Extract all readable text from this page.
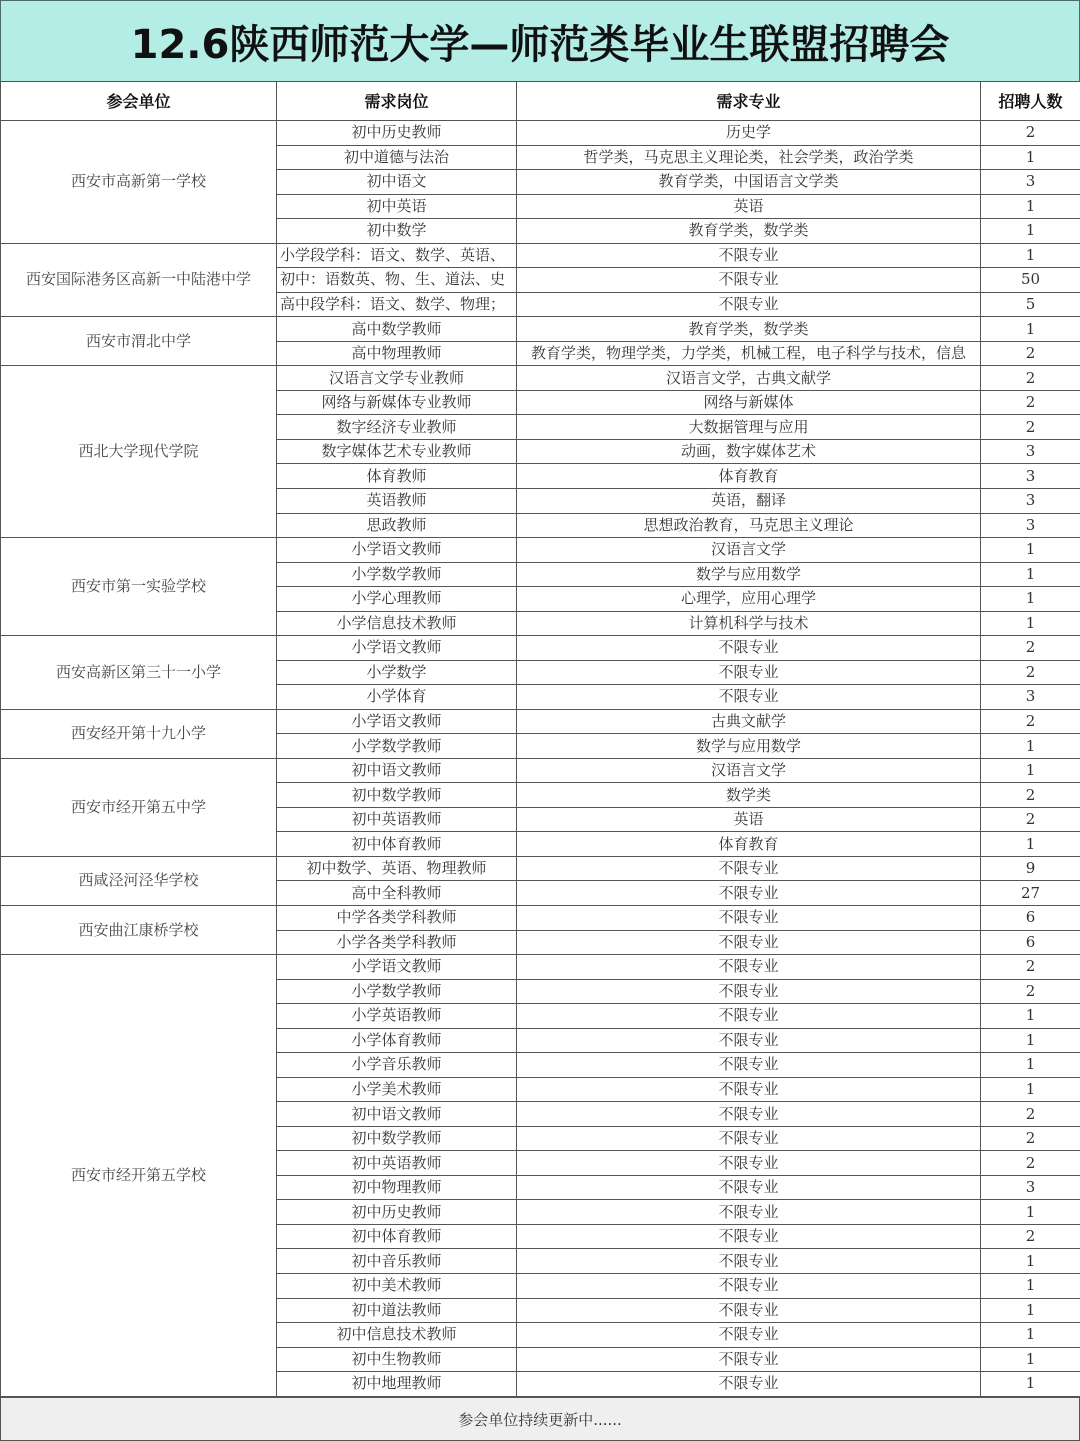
12.6陕西师范大学—师范类毕业生联盟招聘会
参会单位	需求岗位	需求专业	招聘人数
西安市高新第一学校	初中历史教师	历史学	2
	初中道德与法治	哲学类，马克思主义理论类，社会学类，政治学类	1
	初中语文	教育学类，中国语言文学类	3
	初中英语	英语	1
	初中数学	教育学类，数学类	1
西安国际港务区高新一中陆港中学	小学段学科：语文、数学、英语、	不限专业	1
	初中：语数英、物、生、道法、史	不限专业	50
	高中段学科：语文、数学、物理；	不限专业	5
西安市渭北中学	高中数学教师	教育学类，数学类	1
	高中物理教师	教育学类，物理学类，力学类，机械工程，电子科学与技术，信息	2
西北大学现代学院	汉语言文学专业教师	汉语言文学，古典文献学	2
	网络与新媒体专业教师	网络与新媒体	2
	数字经济专业教师	大数据管理与应用	2
	数字媒体艺术专业教师	动画，数字媒体艺术	3
	体育教师	体育教育	3
	英语教师	英语，翻译	3
	思政教师	思想政治教育，马克思主义理论	3
西安市第一实验学校	小学语文教师	汉语言文学	1
	小学数学教师	数学与应用数学	1
	小学心理教师	心理学，应用心理学	1
	小学信息技术教师	计算机科学与技术	1
西安高新区第三十一小学	小学语文教师	不限专业	2
	小学数学	不限专业	2
	小学体育	不限专业	3
西安经开第十九小学	小学语文教师	古典文献学	2
	小学数学教师	数学与应用数学	1
西安市经开第五中学	初中语文教师	汉语言文学	1
	初中数学教师	数学类	2
	初中英语教师	英语	2
	初中体育教师	体育教育	1
西咸泾河泾华学校	初中数学、英语、物理教师	不限专业	9
	高中全科教师	不限专业	27
西安曲江康桥学校	中学各类学科教师	不限专业	6
	小学各类学科教师	不限专业	6
西安市经开第五学校	小学语文教师	不限专业	2
	小学数学教师	不限专业	2
	小学英语教师	不限专业	1
	小学体育教师	不限专业	1
	小学音乐教师	不限专业	1
	小学美术教师	不限专业	1
	初中语文教师	不限专业	2
	初中数学教师	不限专业	2
	初中英语教师	不限专业	2
	初中物理教师	不限专业	3
	初中历史教师	不限专业	1
	初中体育教师	不限专业	2
	初中音乐教师	不限专业	1
	初中美术教师	不限专业	1
	初中道法教师	不限专业	1
	初中信息技术教师	不限专业	1
	初中生物教师	不限专业	1
	初中地理教师	不限专业	1
参会单位持续更新中......
